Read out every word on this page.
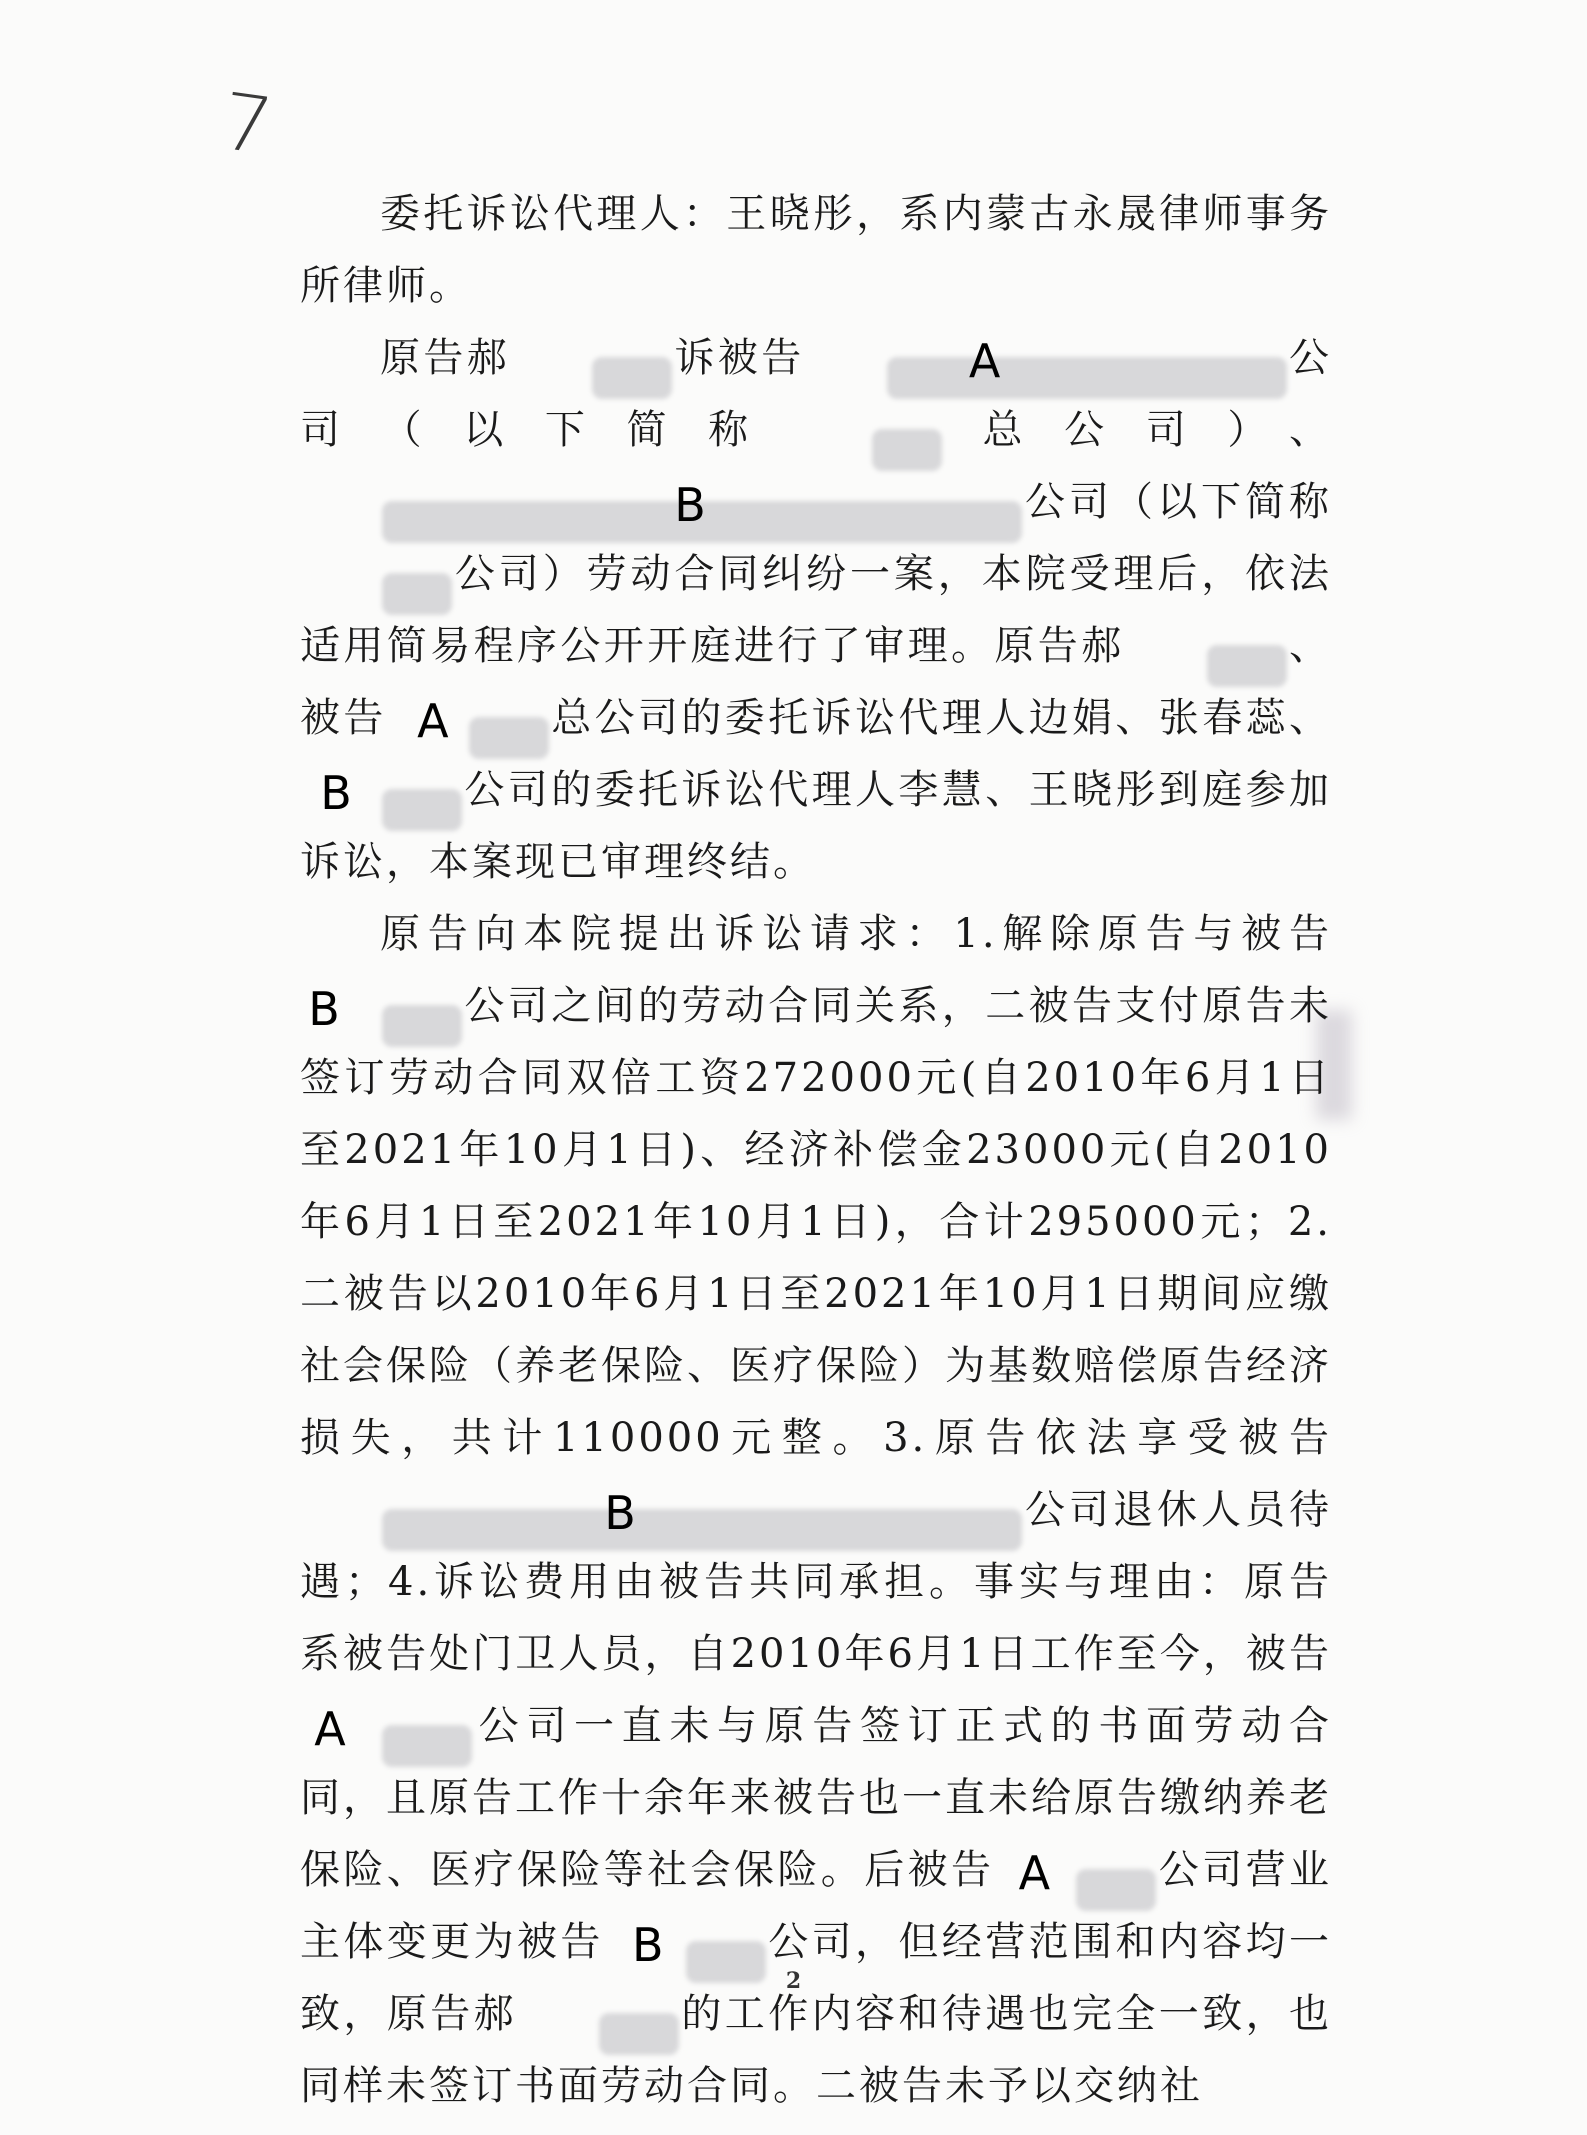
7

委托诉讼代理人：王晓彤，系内蒙古永晟律师事务所律师。

原告郝	诉被告	A	公司（以下简称	总公司）、
B	公司（以下简称公司）劳动合同纠纷一案，本院受理后，依法适用简易程序公开开庭进行了审理。原告郝	、被告 A	总公司的委托诉讼代理人边娟、张春蕊、
B	公司的委托诉讼代理人李慧、王晓彤到庭参加诉讼，本案现已审理终结。

原告向本院提出诉讼请求：1.解除原告与被告
B	公司之间的劳动合同关系，二被告支付原告未签订劳动合同双倍工资272000元(自2010年6月1日至2021年10月1日)、经济补偿金23000元(自2010年6月1日至2021年10月1日)，合计295000元；2.二被告以2010年6月1日至2021年10月1日期间应缴社会保险（养老保险、医疗保险）为基数赔偿原告经济损失，共计110000元整。3.原告依法享受被告
B	公司退休人员待遇；4.诉讼费用由被告共同承担。事实与理由：原告系被告处门卫人员，自2010年6月1日工作至今，被告
A	公司一直未与原告签订正式的书面劳动合同，且原告工作十余年来被告也一直未给原告缴纳养老保险、医疗保险等社会保险。后被告 A	公司营业主体变更为被告 B	公司，但经营范围和内容均一致，原告郝	的工作内容和待遇也完全一致，也同样未签订书面劳动合同。二被告未予以交纳社

2
